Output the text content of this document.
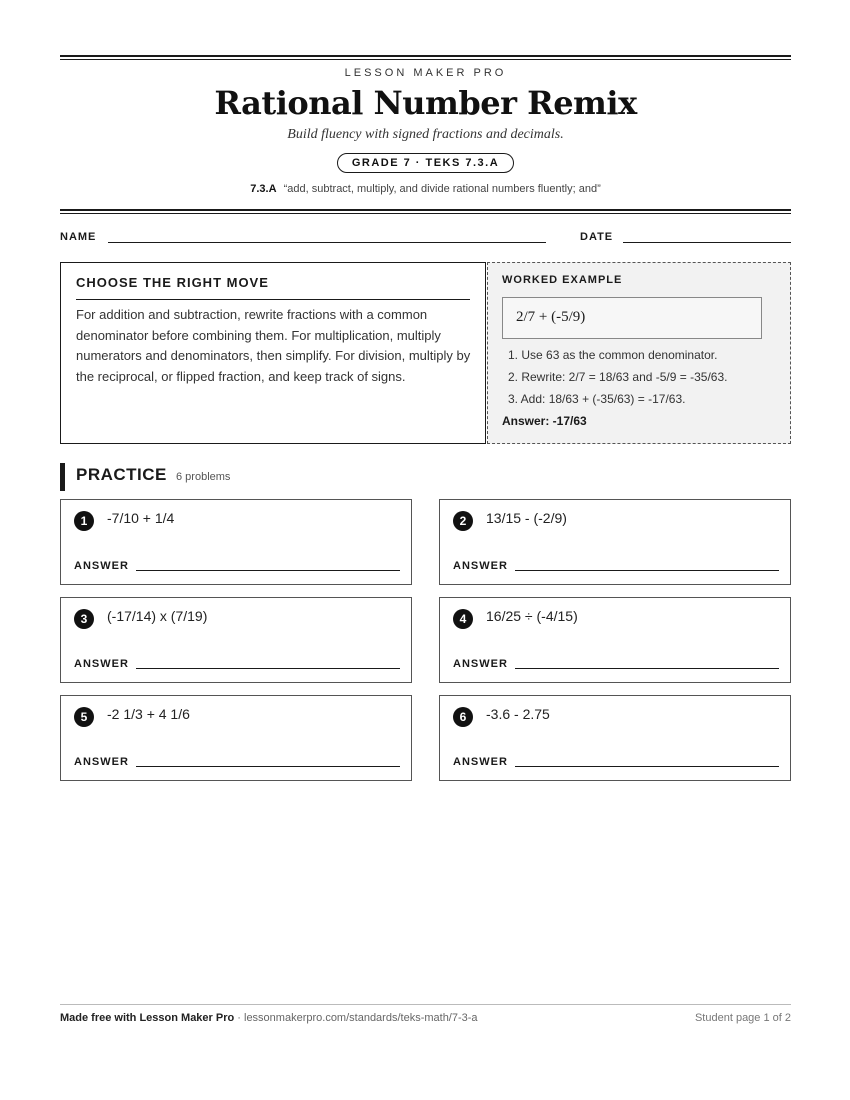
LESSON MAKER PRO
Rational Number Remix
Build fluency with signed fractions and decimals.
GRADE 7 · TEKS 7.3.A
7.3.A “add, subtract, multiply, and divide rational numbers fluently; and”
NAME	DATE
CHOOSE THE RIGHT MOVE
For addition and subtraction, rewrite fractions with a common denominator before combining them. For multiplication, multiply numerators and denominators, then simplify. For division, multiply by the reciprocal, or flipped fraction, and keep track of signs.
WORKED EXAMPLE
2/7 + (-5/9)
1. Use 63 as the common denominator.
2. Rewrite: 2/7 = 18/63 and -5/9 = -35/63.
3. Add: 18/63 + (-35/63) = -17/63.
Answer: -17/63
PRACTICE 6 problems
1	-7/10 + 1/4
ANSWER
2	13/15 - (-2/9)
ANSWER
3	(-17/14) x (7/19)
ANSWER
4	16/25 ÷ (-4/15)
ANSWER
5	-2 1/3 + 4 1/6
ANSWER
6	-3.6 - 2.75
ANSWER
Made free with Lesson Maker Pro · lessonmakerpro.com/standards/teks-math/7-3-a	Student page 1 of 2
